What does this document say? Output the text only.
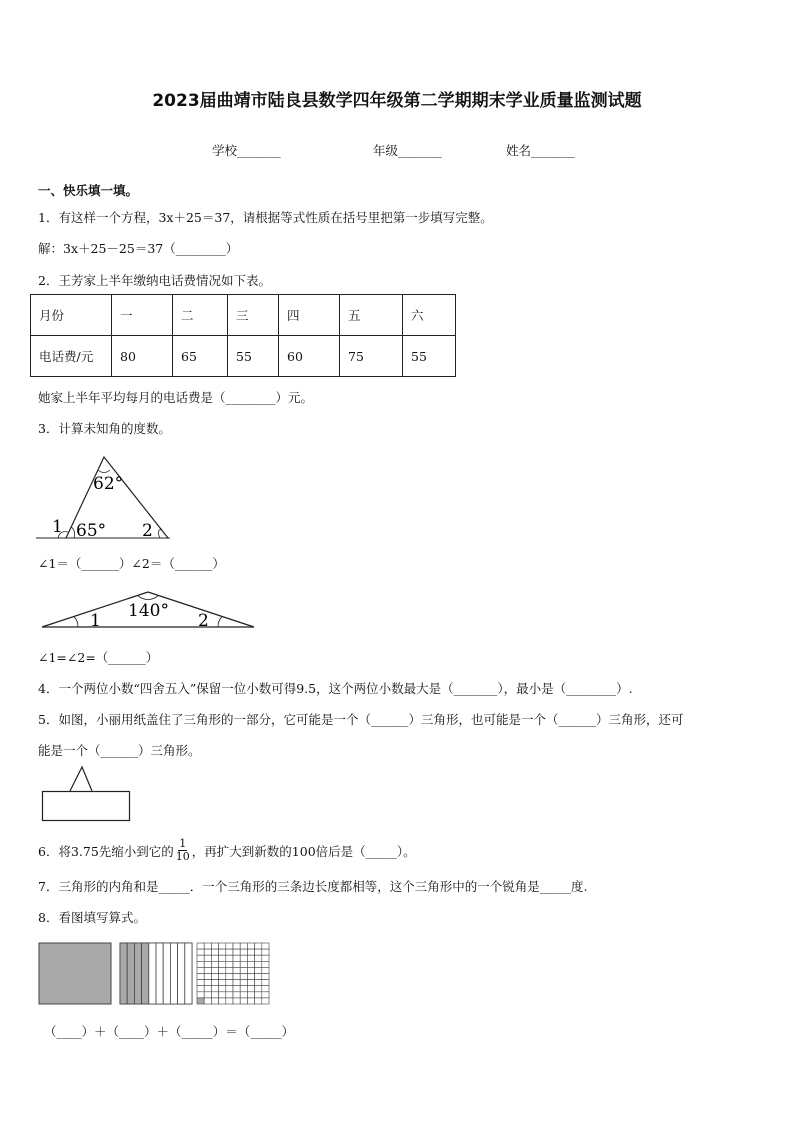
2023届曲靖市陆良县数学四年级第二学期期末学业质量监测试题
学校_______	年级_______	姓名_______
一、快乐填一填。
1．有这样一个方程，3x＋25＝37，请根据等式性质在括号里把第一步填写完整。
解：3x＋25－25＝37（________）
2．王芳家上半年缴纳电话费情况如下表。
月份	一	二	三	四	五	六
电话费/元	80	65	55	60	75	55
她家上半年平均每月的电话费是（________）元。
3．计算未知角的度数。
62°
65°
1	2
∠1＝（______）∠2＝（______）
140°
1	2
∠1=∠2=（______）
4．一个两位小数“四舍五入”保留一位小数可得9.5，这个两位小数最大是（_______），最小是（________）.
5．如图，小丽用纸盖住了三角形的一部分，它可能是一个（______）三角形，也可能是一个（______）三角形，还可
能是一个（______）三角形。
6．将3.75先缩小到它的 $\frac{1}{10}$ ，再扩大到新数的100倍后是（_____）。
7．三角形的内角和是_____．一个三角形的三条边长度都相等，这个三角形中的一个锐角是_____度.
8．看图填写算式。
（____）＋（____）＋（_____）＝（_____）
